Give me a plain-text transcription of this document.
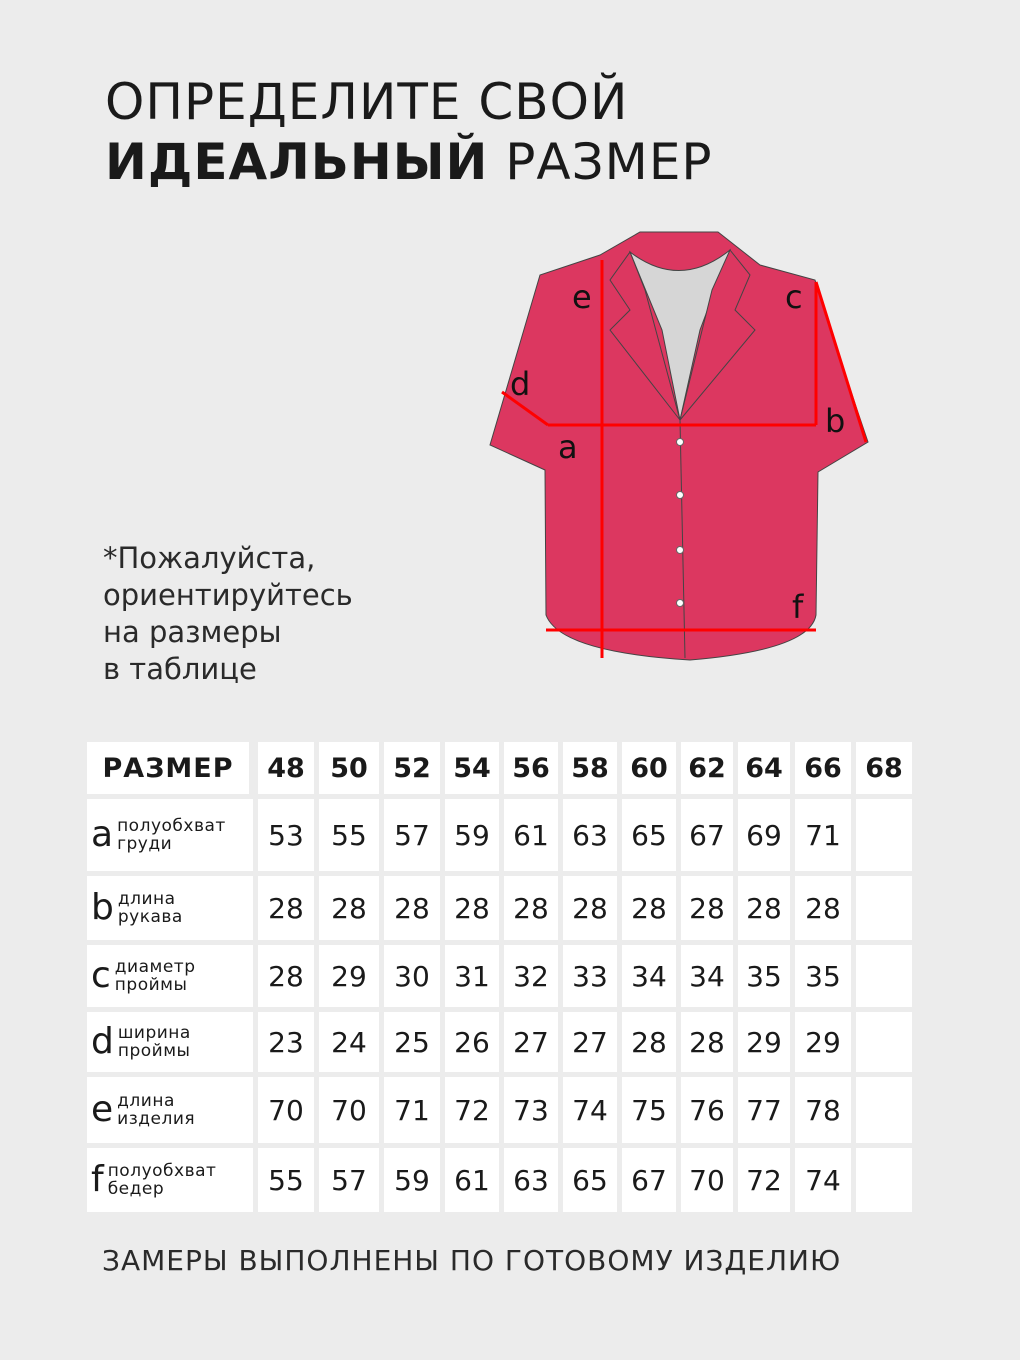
ОПРЕДЕЛИТЕ СВОЙ
ИДЕАЛЬНЫЙ РАЗМЕР
*Пожалуйста,
ориентируйтесь
на размеры
в таблице
e	c
d
b
a
f
РАЗМЕР	48 50 52 54 56 58 60 62 64 66 68
a полуобхват
груди	53 55 57 59 61 63 65 67 69 71
b длина
рукава	28 28 28 28 28 28 28 28 28 28
c диаметр
проймы	28 29 30 31 32 33 34 34 35 35
d ширина
проймы	23 24 25 26 27 27 28 28 29 29
e длина
изделия	70 70 71 72 73 74 75 76 77 78
f полуобхват
бедер	55 57 59 61 63 65 67 70 72 74
ЗАМЕРЫ ВЫПОЛНЕНЫ ПО ГОТОВОМУ ИЗДЕЛИЮ
